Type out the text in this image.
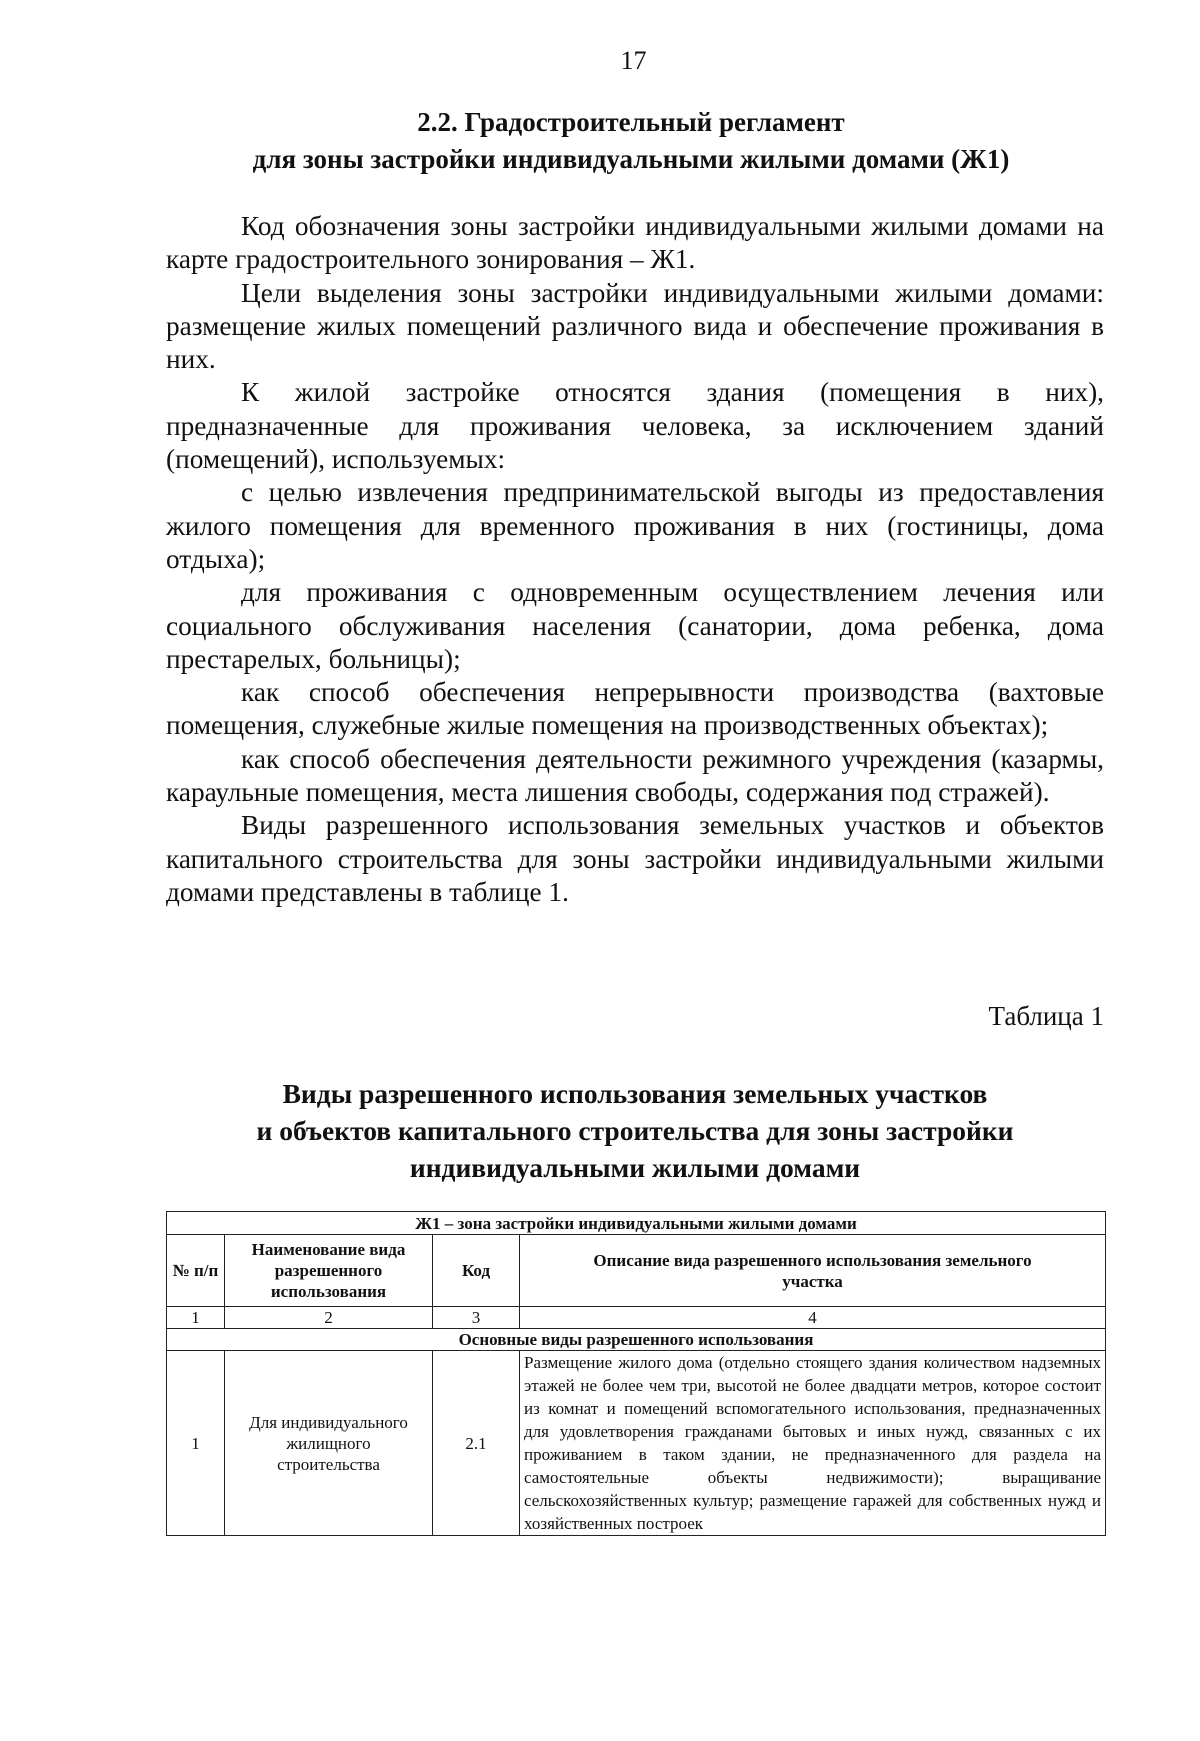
17
2.2. Градостроительный регламент
для зоны застройки индивидуальными жилыми домами (Ж1)

Код обозначения зоны застройки индивидуальными жилыми домами на карте градостроительного зонирования – Ж1.

Цели выделения зоны застройки индивидуальными жилыми домами: размещение жилых помещений различного вида и обеспечение проживания в них.

К жилой застройке относятся здания (помещения в них), предназначенные для проживания человека, за исключением зданий (помещений), используемых:

с целью извлечения предпринимательской выгоды из предоставления жилого помещения для временного проживания в них (гостиницы, дома отдыха);

для проживания с одновременным осуществлением лечения или социального обслуживания населения (санатории, дома ребенка, дома престарелых, больницы);

как способ обеспечения непрерывности производства (вахтовые помещения, служебные жилые помещения на производственных объектах);

как способ обеспечения деятельности режимного учреждения (казармы, караульные помещения, места лишения свободы, содержания под стражей).

Виды разрешенного использования земельных участков и объектов капитального строительства для зоны застройки индивидуальными жилыми домами представлены в таблице 1.

Таблица 1
Виды разрешенного использования земельных участков
и объектов капитального строительства для зоны застройки
индивидуальными жилыми домами
Ж1 – зона застройки индивидуальными жилыми домами			
№ п/п	Наименование вида разрешенного использования	Код	Описание вида разрешенного использования земельного участка
1	2	3	4
Основные виды разрешенного использования			
1	Для индивидуального жилищного строительства	2.1	Размещение жилого дома (отдельно стоящего здания количеством надземных этажей не более чем три, высотой не более двадцати метров, которое состоит из комнат и помещений вспомогательного использования, предназначенных для удовлетворения гражданами бытовых и иных нужд, связанных с их проживанием в таком здании, не предназначенного для раздела на самостоятельные объекты недвижимости); выращивание сельскохозяйственных культур; размещение гаражей для собственных нужд и хозяйственных построек
